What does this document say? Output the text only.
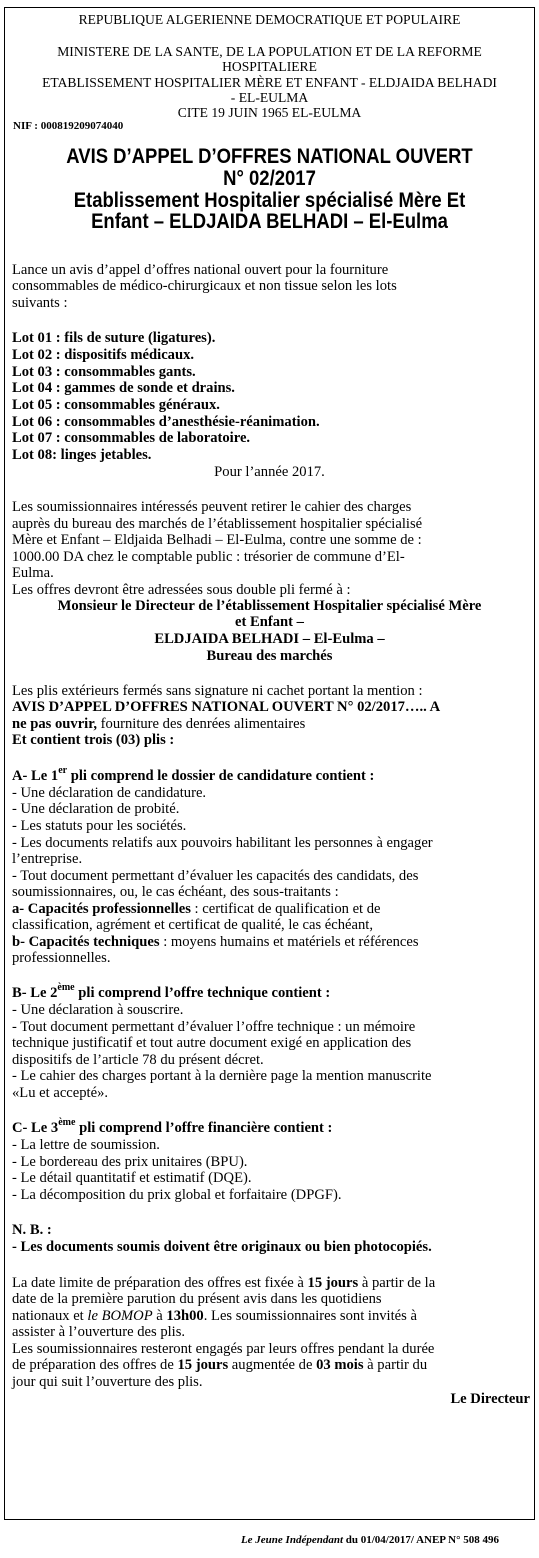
REPUBLIQUE ALGERIENNE DEMOCRATIQUE ET POPULAIRE
MINISTERE DE LA SANTE, DE LA POPULATION ET DE LA REFORME
HOSPITALIERE
ETABLISSEMENT HOSPITALIER MÈRE ET ENFANT - ELDJAIDA BELHADI
- EL-EULMA
CITE 19 JUIN 1965 EL-EULMA
NIF : 000819209074040
AVIS D’APPEL D’OFFRES NATIONAL OUVERT
N° 02/2017
Etablissement Hospitalier spécialisé Mère Et
Enfant – ELDJAIDA BELHADI – El-Eulma
Lance un avis d’appel d’offres national ouvert pour la fourniture
consommables de médico-chirurgicaux et non tissue selon les lots
suivants :
Lot 01 : fils de suture (ligatures).
Lot 02 : dispositifs médicaux.
Lot 03 : consommables gants.
Lot 04 : gammes de sonde et drains.
Lot 05 : consommables généraux.
Lot 06 : consommables d’anesthésie-réanimation.
Lot 07 : consommables de laboratoire.
Lot 08: linges jetables.
Pour l’année 2017.
Les soumissionnaires intéressés peuvent retirer le cahier des charges
auprès du bureau des marchés de l’établissement hospitalier spécialisé
Mère et Enfant – Eldjaida Belhadi – El-Eulma, contre une somme de :
1000.00 DA chez le comptable public : trésorier de commune d’El-
Eulma.
Les offres devront être adressées sous double pli fermé à :
Monsieur le Directeur de l’établissement Hospitalier spécialisé Mère
et Enfant –
ELDJAIDA BELHADI – El-Eulma –
Bureau des marchés
Les plis extérieurs fermés sans signature ni cachet portant la mention :
AVIS D’APPEL D’OFFRES NATIONAL OUVERT N° 02/2017….. A
ne pas ouvrir, fourniture des denrées alimentaires
Et contient trois (03) plis :
A- Le 1er pli comprend le dossier de candidature contient :
- Une déclaration de candidature.
- Une déclaration de probité.
- Les statuts pour les sociétés.
- Les documents relatifs aux pouvoirs habilitant les personnes à engager
l’entreprise.
- Tout document permettant d’évaluer les capacités des candidats, des
soumissionnaires, ou, le cas échéant, des sous-traitants :
a- Capacités professionnelles : certificat de qualification et de
classification, agrément et certificat de qualité, le cas échéant,
b- Capacités techniques : moyens humains et matériels et références
professionnelles.
B- Le 2ème pli comprend l’offre technique contient :
- Une déclaration à souscrire.
- Tout document permettant d’évaluer l’offre technique : un mémoire
technique justificatif et tout autre document exigé en application des
dispositifs de l’article 78 du présent décret.
- Le cahier des charges portant à la dernière page la mention manuscrite
«Lu et accepté».
C- Le 3ème pli comprend l’offre financière contient :
- La lettre de soumission.
- Le bordereau des prix unitaires (BPU).
- Le détail quantitatif et estimatif (DQE).
- La décomposition du prix global et forfaitaire (DPGF).
N. B. :
- Les documents soumis doivent être originaux ou bien photocopiés.
La date limite de préparation des offres est fixée à 15 jours à partir de la
date de la première parution du présent avis dans les quotidiens
nationaux et le BOMOP à 13h00. Les soumissionnaires sont invités à
assister à l’ouverture des plis.
Les soumissionnaires resteront engagés par leurs offres pendant la durée
de préparation des offres de 15 jours augmentée de 03 mois à partir du
jour qui suit l’ouverture des plis.
Le Directeur
Le Jeune Indépendant du 01/04/2017/ ANEP N° 508 496
